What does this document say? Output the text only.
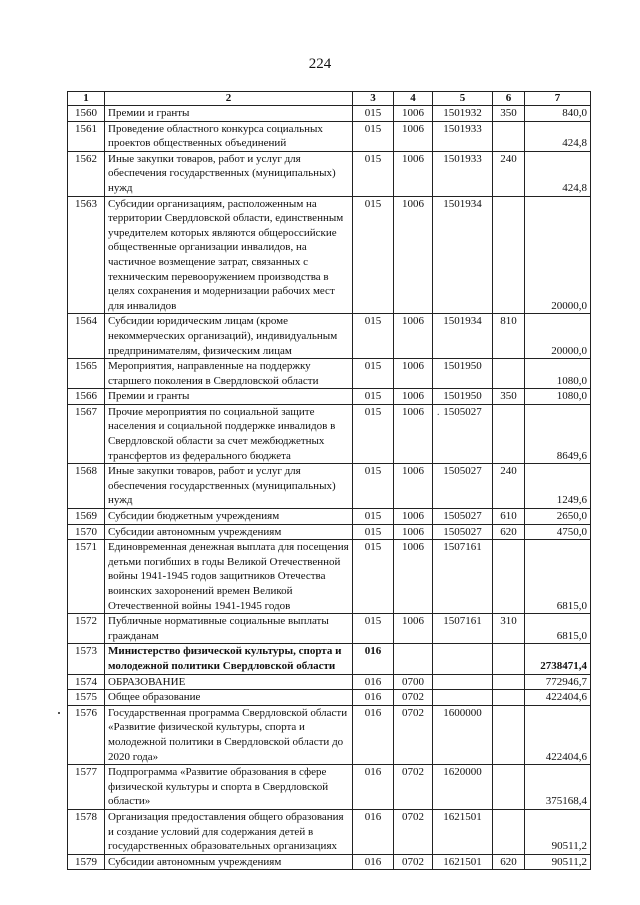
224
1	2	3	4	5	6	7
1560	Премии и гранты	015	1006	1501932	350	840,0
1561	Проведение областного конкурса социальных проектов общественных объединений	015	1006	1501933		424,8
1562	Иные закупки товаров, работ и услуг для обеспечения государственных (муниципальных) нужд	015	1006	1501933	240	424,8
1563	Субсидии организациям, расположенным на территории Свердловской области, единственным учредителем которых являются общероссийские общественные организации инвалидов, на частичное возмещение затрат, связанных с техническим перевооружением производства в целях сохранения и модернизации рабочих мест для инвалидов	015	1006	1501934		20000,0
1564	Субсидии юридическим лицам (кроме некоммерческих организаций), индивидуальным предпринимателям, физическим лицам	015	1006	1501934	810	20000,0
1565	Мероприятия, направленные на поддержку старшего поколения в Свердловской области	015	1006	1501950		1080,0
1566	Премии и гранты	015	1006	1501950	350	1080,0
1567	Прочие мероприятия по социальной защите населения и социальной поддержке инвалидов в Свердловской области за счет межбюджетных трансфертов из федерального бюджета	015	1006	1505027		8649,6
1568	Иные закупки товаров, работ и услуг для обеспечения государственных (муниципальных) нужд	015	1006	1505027	240	1249,6
1569	Субсидии бюджетным учреждениям	015	1006	1505027	610	2650,0
1570	Субсидии автономным учреждениям	015	1006	1505027	620	4750,0
1571	Единовременная денежная выплата для посещения детьми погибших в годы Великой Отечественной войны 1941-1945 годов защитников Отечества воинских захоронений времен Великой Отечественной войны 1941-1945 годов	015	1006	1507161		6815,0
1572	Публичные нормативные социальные выплаты гражданам	015	1006	1507161	310	6815,0
1573	Министерство физической культуры, спорта и молодежной политики Свердловской области	016				2738471,4
1574	ОБРАЗОВАНИЕ	016	0700			772946,7
1575	Общее образование	016	0702			422404,6
1576	Государственная программа Свердловской области «Развитие физической культуры, спорта и молодежной политики в Свердловской области до 2020 года»	016	0702	1600000		422404,6
1577	Подпрограмма «Развитие образования в сфере физической культуры и спорта в Свердловской области»	016	0702	1620000		375168,4
1578	Организация предоставления общего образования и создание условий для содержания детей в государственных образовательных организациях	016	0702	1621501		90511,2
1579	Субсидии автономным учреждениям	016	0702	1621501	620	90511,2
.
